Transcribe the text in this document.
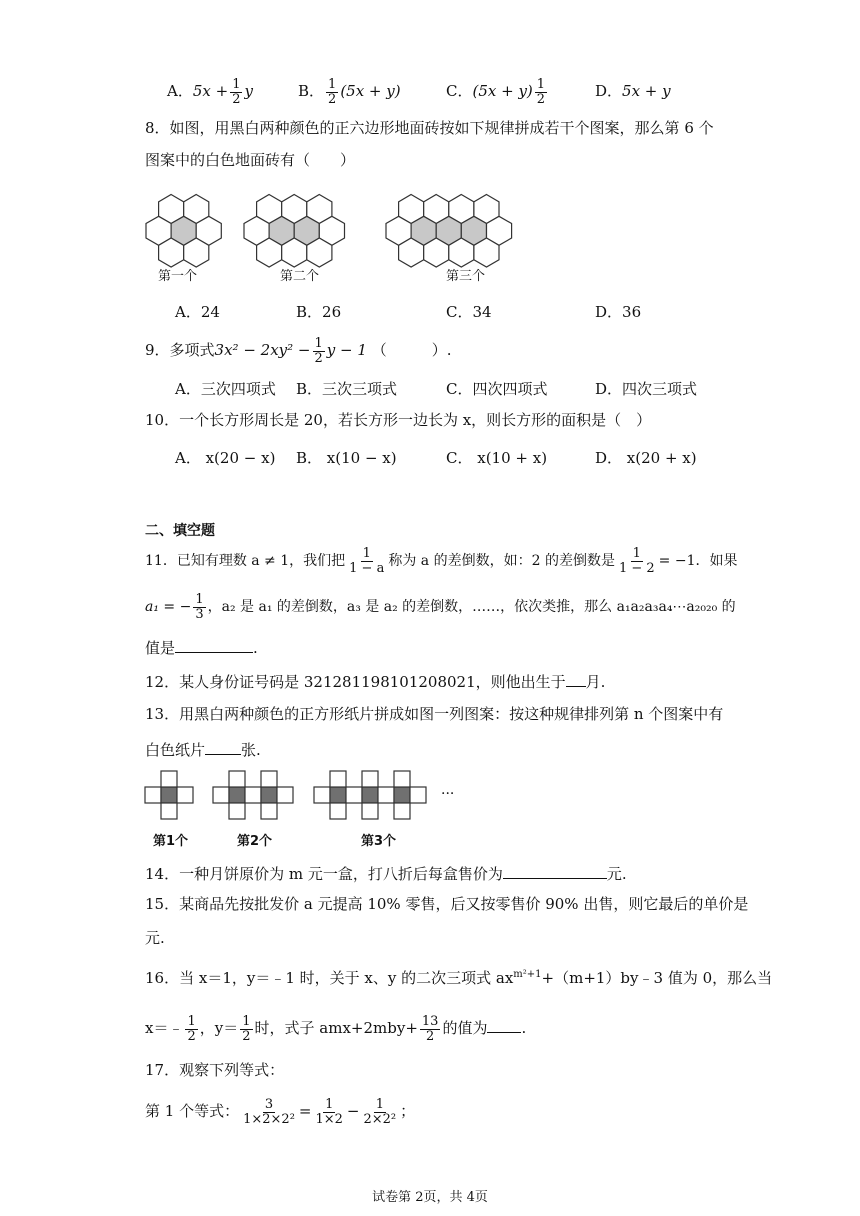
A．$5x + \frac{1}{2}$ y	B． $\frac{1}{2} (5x + y)$	C．$(5x + y) \frac{1}{2}$	D．5x + y
8．如图，用黑白两种颜色的正六边形地面砖按如下规律拼成若干个图案，那么第 6 个
图案中的白色地面砖有（　　）
第一个	第二个	第三个
A．24	B．26	C．34	D．36
9．多项式$3x^2 - 2xy^2 - \frac{1}{2}$ y − 1 （　　　）.
A．三次四项式 B．三次三项式	C．四次四项式	D．四次三项式
10．一个长方形周长是 20，若长方形一边长为 x，则长方形的面积是（　）
A． x(20 − x) B． x(10 − x)	C． x(10 + x)	D． x(20 + x)
二、填空题
11．已知有理数 a ≠ 1，我们把 $\frac{1}{1 - a}$ 称为 a 的差倒数，如：2 的差倒数是 $\frac{1}{1 - 2} = -1$．如果
a₁ = − $\frac{1}{3}$ ，a₂ 是 a₁ 的差倒数，a₃ 是 a₂ 的差倒数，……，依次类推，那么 a₁a₂a₃a₄⋯a₂₀₂₀ 的
值是	.
12．某人身份证号码是 321281198101208021，则他出生于 月.
13．用黑白两种颜色的正方形纸片拼成如图一列图案：按这种规律排列第 n 个图案中有
白色纸片 张.
第1个	第2个	第3个
···
14．一种月饼原价为 m 元一盒，打八折后每盒售价为	元.
15．某商品先按批发价 a 元提高 10% 零售，后又按零售价 90% 出售，则它最后的单价是
元.
16．当 x＝1，y＝﹣1 时，关于 x、y 的二次三项式 $ax^{m^2+1}+(m+1)by﹣3$ 值为 0，那么当
x＝﹣ $\frac{1}{2}$ ，$y= \frac{1}{2}$ 时，式子 $amx+2mby+ \frac{13}{2}$ 的值为 .
17．观察下列等式：
第 1 个等式： $\frac{3}{\text{1×2×2²}} = \frac{1}{1\times 2} - \frac{1}{\text{2×2²}}$ ；
试卷第 2页，共 4页
